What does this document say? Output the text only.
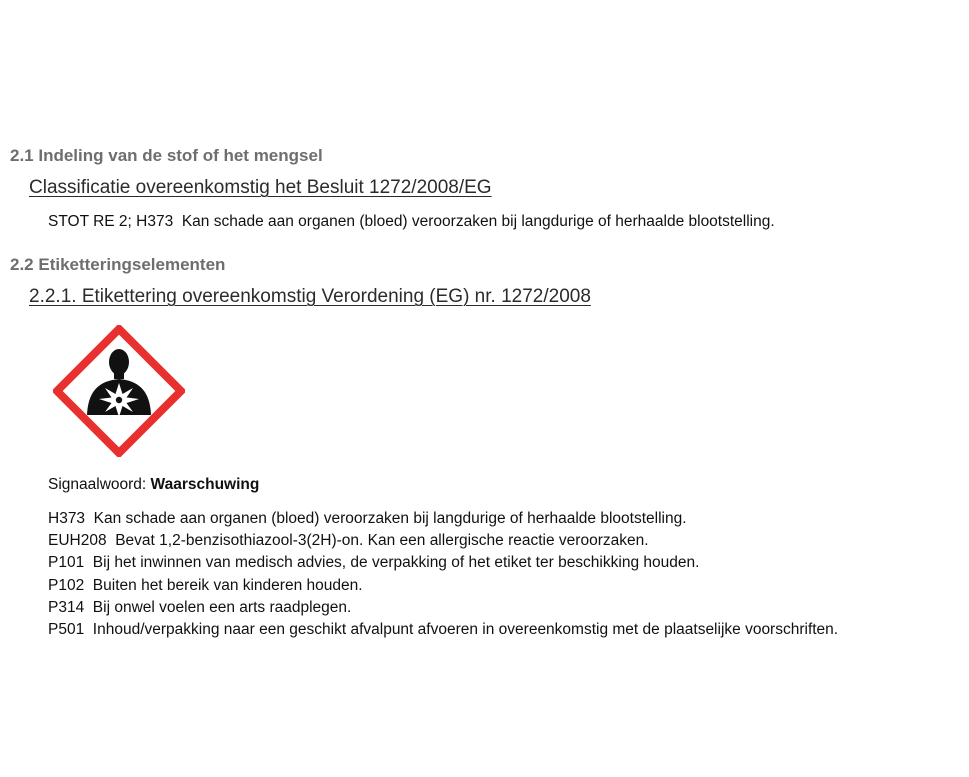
2.1 Indeling van de stof of het mengsel
Classificatie overeenkomstig het Besluit 1272/2008/EG
STOT RE 2; H373  Kan schade aan organen (bloed) veroorzaken bij langdurige of herhaalde blootstelling.
2.2 Etiketteringselementen
2.2.1. Etikettering overeenkomstig Verordening (EG) nr. 1272/2008
Signaalwoord: Waarschuwing
H373  Kan schade aan organen (bloed) veroorzaken bij langdurige of herhaalde blootstelling.
EUH208  Bevat 1,2-benzisothiazool-3(2H)-on. Kan een allergische reactie veroorzaken.
P101  Bij het inwinnen van medisch advies, de verpakking of het etiket ter beschikking houden.
P102  Buiten het bereik van kinderen houden.
P314  Bij onwel voelen een arts raadplegen.
P501  Inhoud/verpakking naar een geschikt afvalpunt afvoeren in overeenkomstig met de plaatselijke voorschriften.
